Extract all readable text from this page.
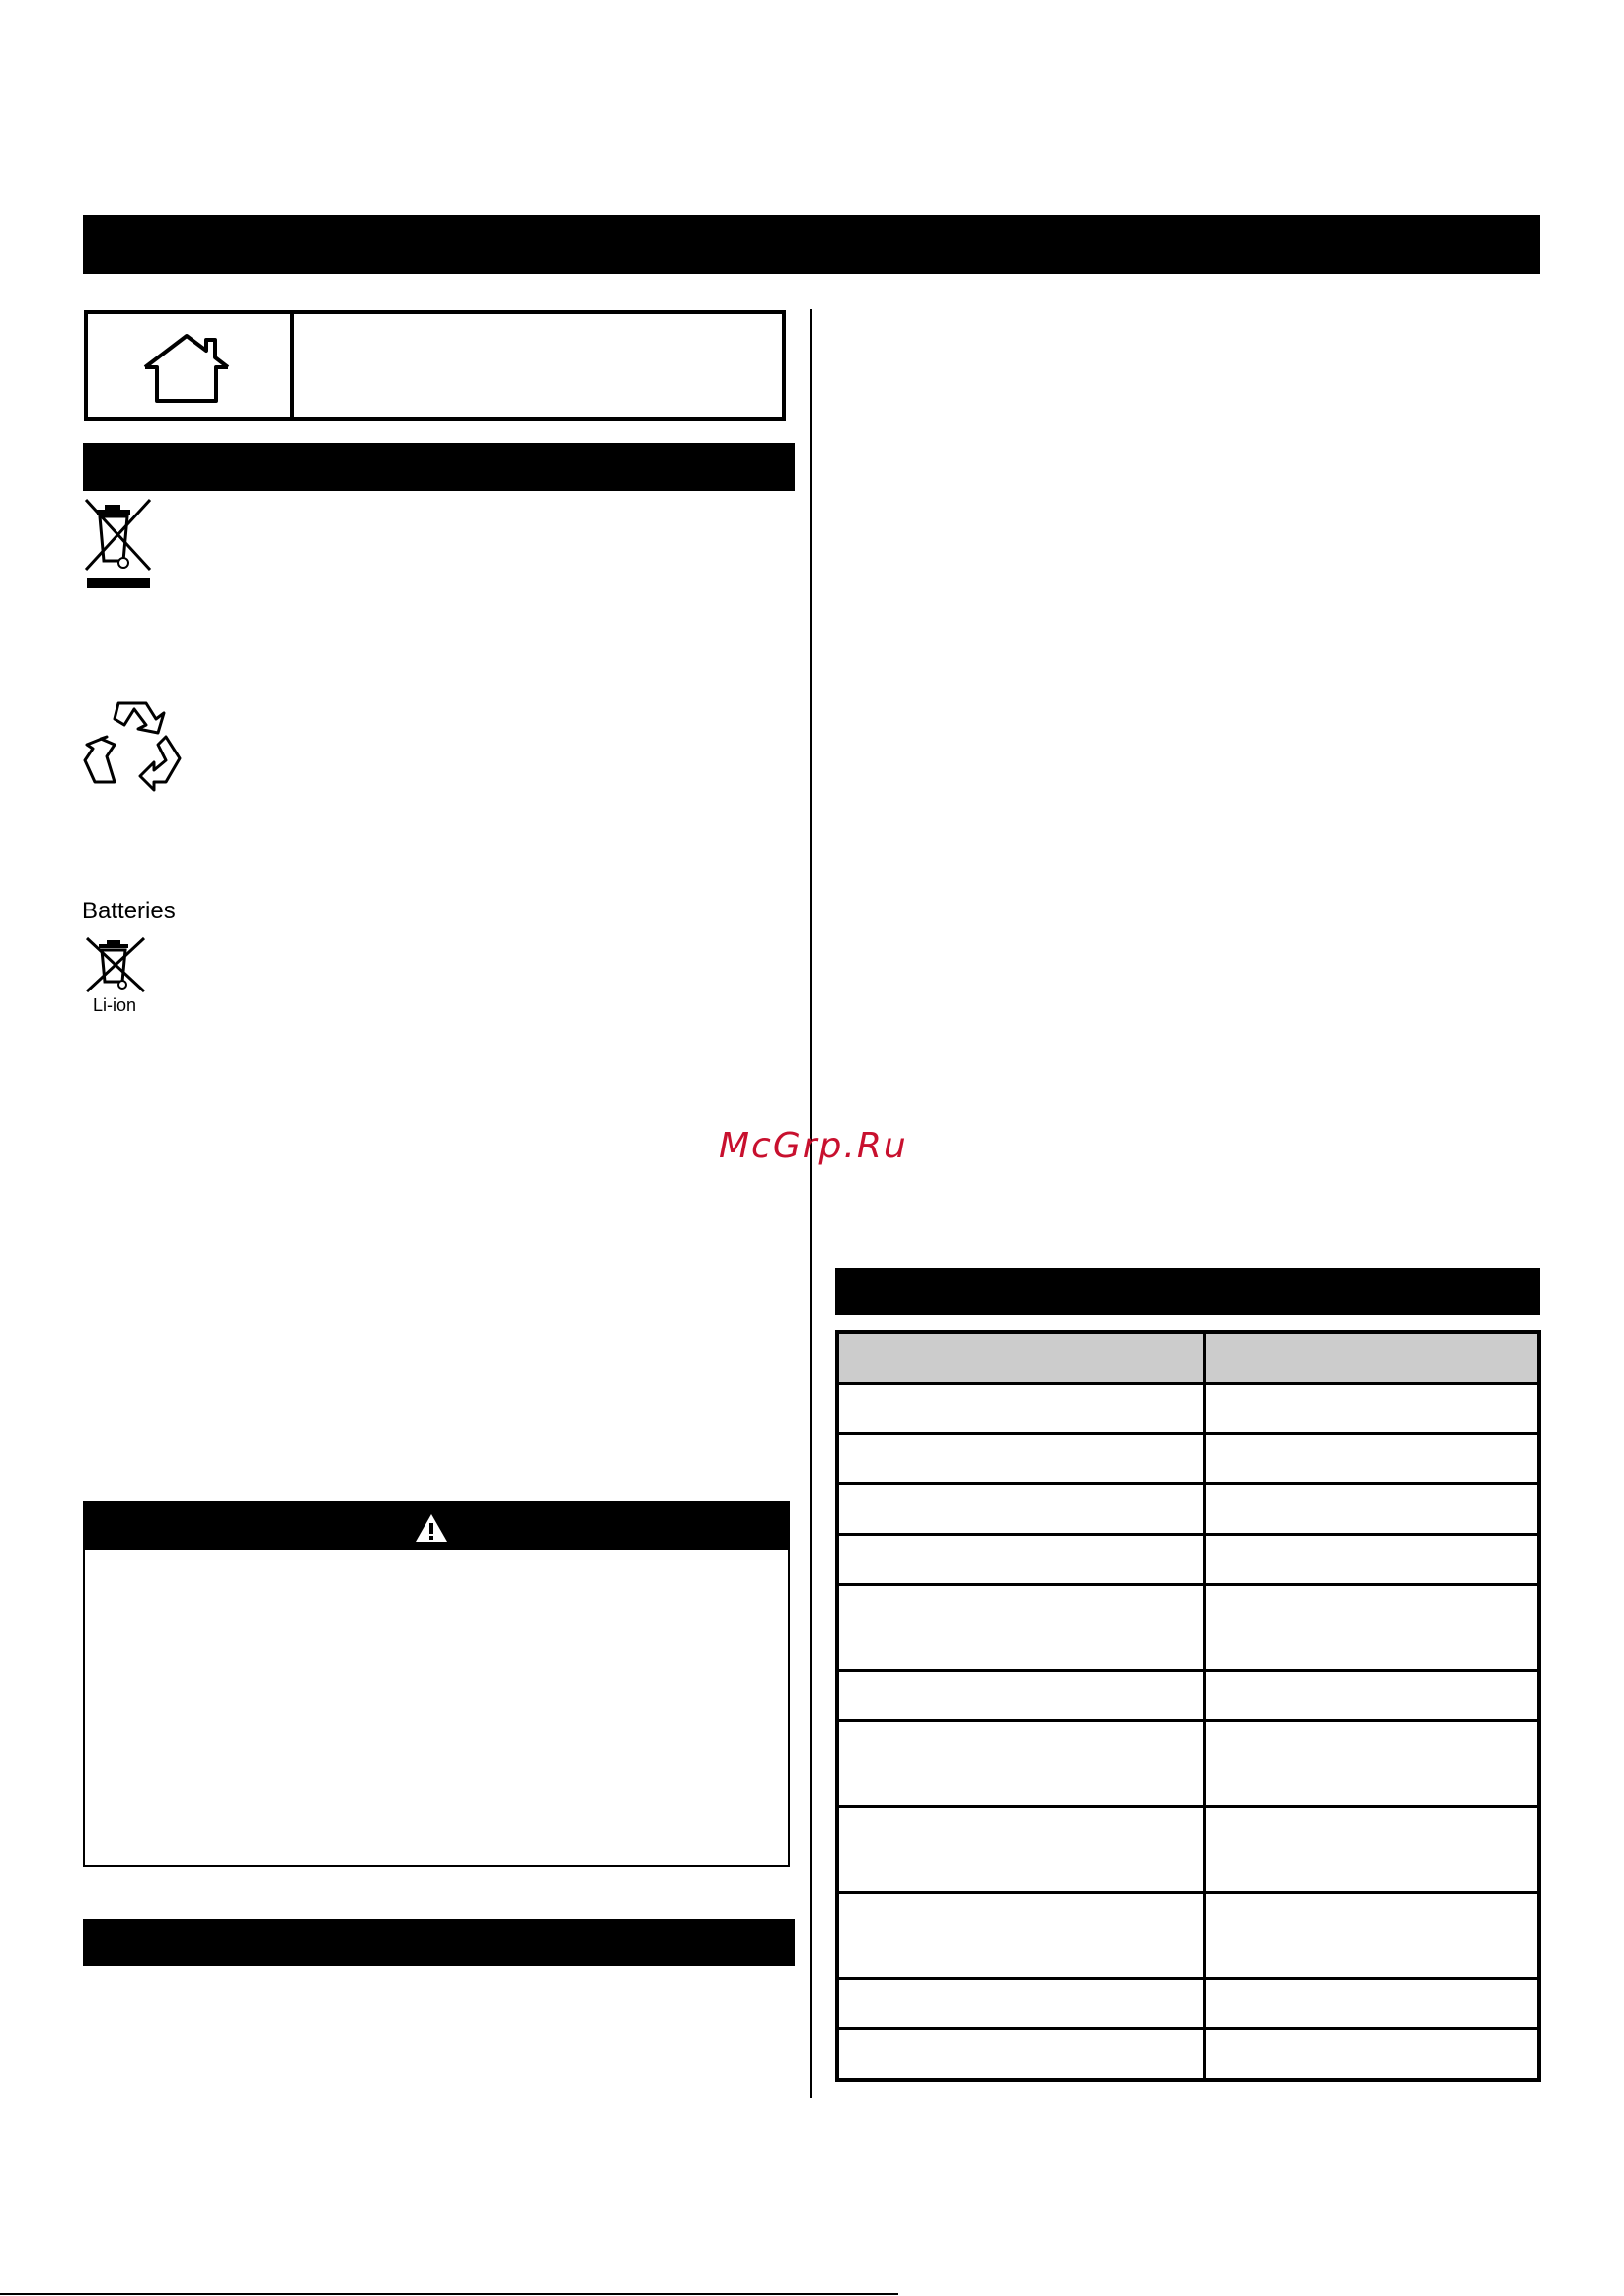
Batteries
Li-ion
McGrp.Ru
